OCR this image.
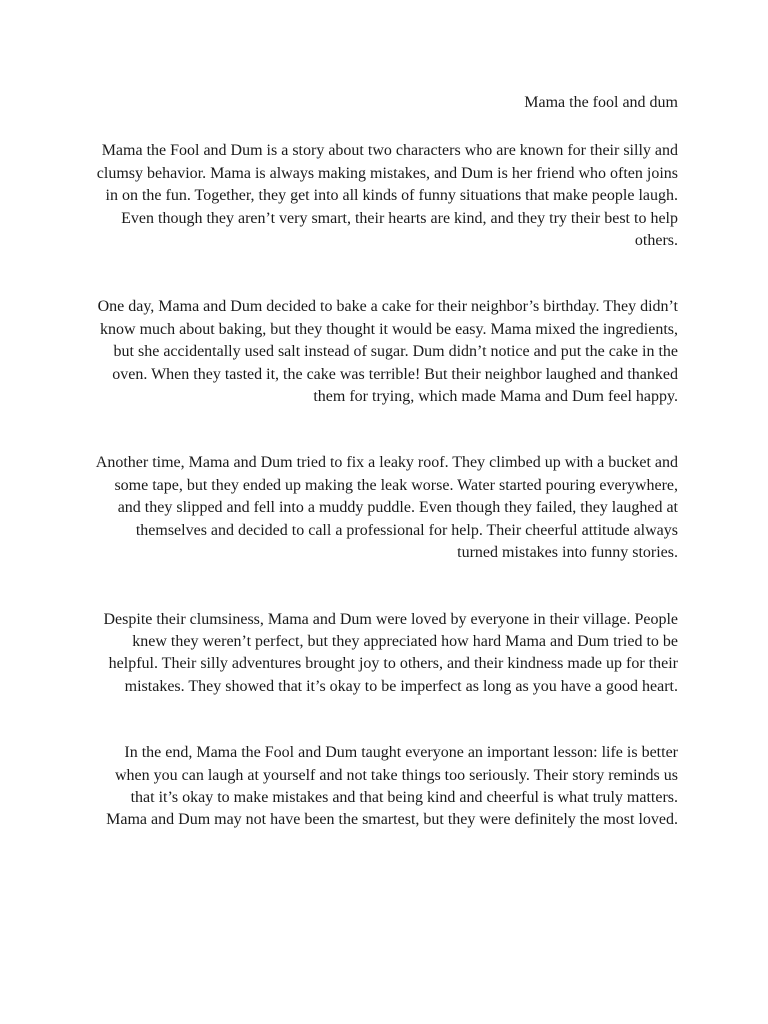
Mama the fool and dum

Mama the Fool and Dum is a story about two characters who are known for their silly and clumsy behavior. Mama is always making mistakes, and Dum is her friend who often joins in on the fun. Together, they get into all kinds of funny situations that make people laugh. Even though they aren’t very smart, their hearts are kind, and they try their best to help others.

One day, Mama and Dum decided to bake a cake for their neighbor’s birthday. They didn’t know much about baking, but they thought it would be easy. Mama mixed the ingredients, but she accidentally used salt instead of sugar. Dum didn’t notice and put the cake in the oven. When they tasted it, the cake was terrible! But their neighbor laughed and thanked them for trying, which made Mama and Dum feel happy.

Another time, Mama and Dum tried to fix a leaky roof. They climbed up with a bucket and some tape, but they ended up making the leak worse. Water started pouring everywhere, and they slipped and fell into a muddy puddle. Even though they failed, they laughed at themselves and decided to call a professional for help. Their cheerful attitude always turned mistakes into funny stories.

Despite their clumsiness, Mama and Dum were loved by everyone in their village. People knew they weren’t perfect, but they appreciated how hard Mama and Dum tried to be helpful. Their silly adventures brought joy to others, and their kindness made up for their mistakes. They showed that it’s okay to be imperfect as long as you have a good heart.

In the end, Mama the Fool and Dum taught everyone an important lesson: life is better when you can laugh at yourself and not take things too seriously. Their story reminds us that it’s okay to make mistakes and that being kind and cheerful is what truly matters. Mama and Dum may not have been the smartest, but they were definitely the most loved.
